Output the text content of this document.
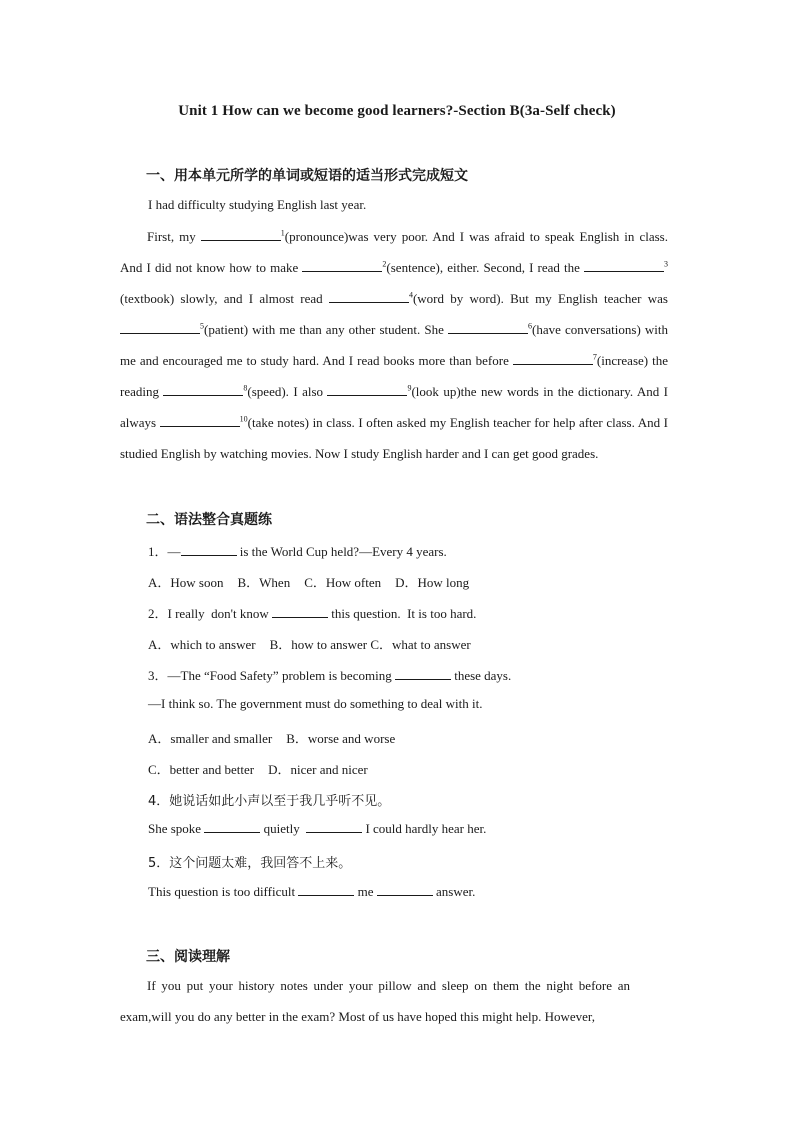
Unit 1 How can we become good learners?-Section B(3a-Self check)
一、用本单元所学的单词或短语的适当形式完成短文
I had difficulty studying English last year.
First, my	$^1$(pronounce)was very poor. And I was afraid to speak English in class. And I did not know how to make	$^2$(sentence), either. Second, I read the	$^3$ (textbook) slowly, and I almost read	$^4$(word by word). But my English teacher was $^5$(patient) with me than any other student. She	$^6$(have conversations) with me and encouraged me to study hard. And I read books more than before	$^7$(increase) the reading	$^8$(speed). I also	$^9$(look up)the new words in the dictionary. And I always	$^{10}$(take notes) in class. I often asked my English teacher for help after class. And I studied English by watching movies. Now I study English harder and I can get good grades.
二、语法整合真题练
1．—	is the World Cup held?—Every 4 years.
A．How soon B．When C．How often D．How long
2．I really  don't know	this question.  It is too hard.
A．which to answer B．how to answer C．what to answer
3．—The “Food Safety” problem is becoming	these days.
—I think so. The government must do something to deal with it.
A．smaller and smaller B．worse and worse
C．better and better D．nicer and nicer
4．她说话如此小声以至于我几乎听不见。
She spoke	quietly	I could hardly hear her.
5．这个问题太难，我回答不上来。
This question is too difficult	me	answer.
三、阅读理解
If you put your history notes under your pillow and sleep on them the night before an exam,will you do any better in the exam? Most of us have hoped this might help. However,
